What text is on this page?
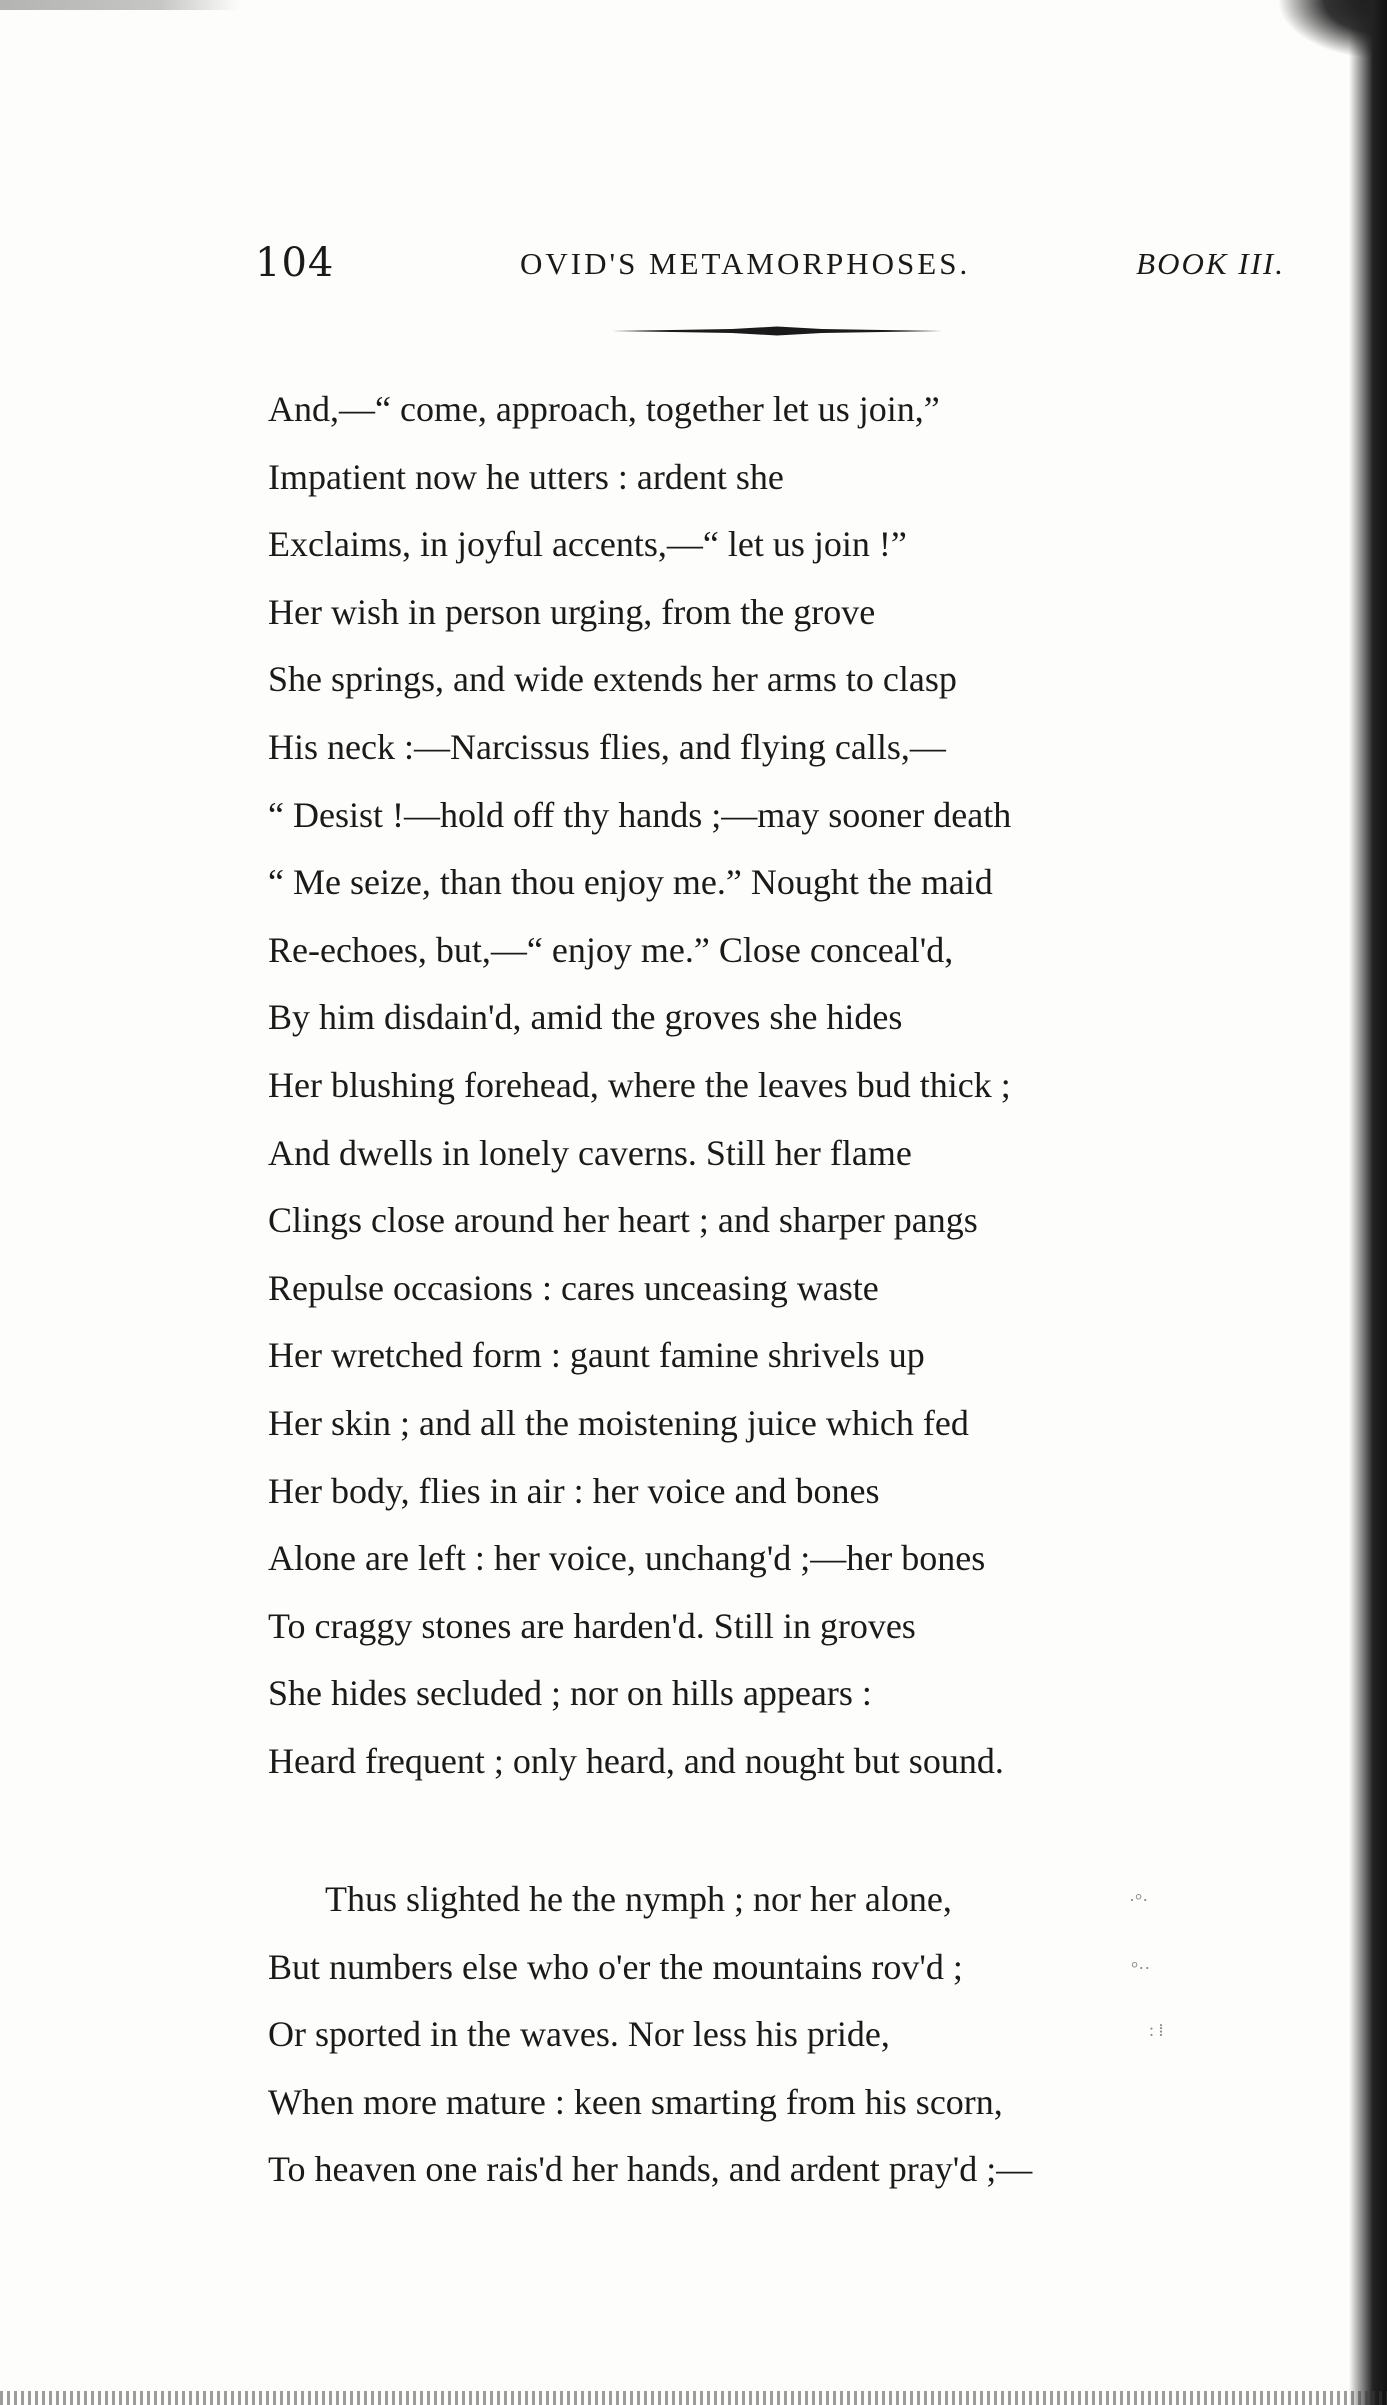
104	OVID'S METAMORPHOSES.	BOOK III.
And,—“ come, approach, together let us join,”
Impatient now he utters : ardent she
Exclaims, in joyful accents,—“ let us join !”
Her wish in person urging, from the grove
She springs, and wide extends her arms to clasp
His neck :—Narcissus flies, and flying calls,—
“ Desist !—hold off thy hands ;—may sooner death
“ Me seize, than thou enjoy me.” Nought the maid
Re-echoes, but,—“ enjoy me.” Close conceal'd,
By him disdain'd, amid the groves she hides
Her blushing forehead, where the leaves bud thick ;
And dwells in lonely caverns. Still her flame
Clings close around her heart ; and sharper pangs
Repulse occasions : cares unceasing waste
Her wretched form : gaunt famine shrivels up
Her skin ; and all the moistening juice which fed
Her body, flies in air : her voice and bones
Alone are left : her voice, unchang'd ;—her bones
To craggy stones are harden'd. Still in groves
She hides secluded ; nor on hills appears :
Heard frequent ; only heard, and nought but sound.
Thus slighted he the nymph ; nor her alone,
But numbers else who o'er the mountains rov'd ;
Or sported in the waves. Nor less his pride,
When more mature : keen smarting from his scorn,
To heaven one rais'd her hands, and ardent pray'd ;—
·°·
°··
: ⁞
